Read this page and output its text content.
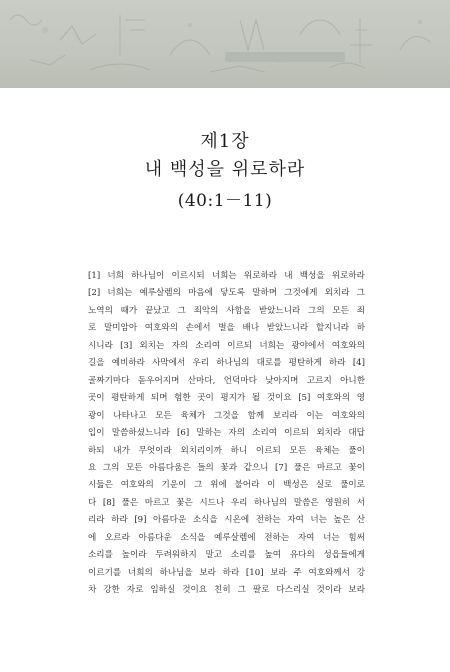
제1장
내 백성을 위로하라
(40:1－11)
[1] 너희 하나님이 이르시되 너희는 위로하라 내 백성을 위로하라
[2] 너희는 예루살렘의 마음에 닿도록 말하며 그것에게 외치라 그
노역의 때가 끝났고 그 죄악의 사함을 받았느니라 그의 모든 죄
로 말미암아 여호와의 손에서 벌을 배나 받았느니라 할지니라 하
시니라 [3] 외치는 자의 소리여 이르되 너희는 광야에서 여호와의
길을 예비하라 사막에서 우리 하나님의 대로를 평탄하게 하라 [4]
골짜기마다 돋우어지며 산마다, 언덕마다 낮아지며 고르지 아니한
곳이 평탄하게 되며 험한 곳이 평지가 될 것이요 [5] 여호와의 영
광이 나타나고 모든 육체가 그것을 함께 보리라 이는 여호와의
입이 말씀하셨느니라 [6] 말하는 자의 소리여 이르되 외치라 대답
하되 내가 무엇이라 외치리이까 하니 이르되 모든 육체는 풀이
요 그의 모든 아름다움은 들의 꽃과 같으니 [7] 풀은 마르고 꽃이
시듦은 여호와의 기운이 그 위에 불어라 이 백성은 실로 풀이로
다 [8] 풀은 마르고 꽃은 시드나 우리 하나님의 말씀은 영원히 서
리라 하라 [9] 아름다운 소식을 시온에 전하는 자여 너는 높은 산
에 오르라 아름다운 소식을 예루살렘에 전하는 자여 너는 힘써
소리를 높이라 두려워하지 말고 소리를 높여 유다의 성읍들에게
이르기를 너희의 하나님을 보라 하라 [10] 보라 주 여호와께서 강
차 강한 자로 임하실 것이요 친히 그 팔로 다스리실 것이라 보라
